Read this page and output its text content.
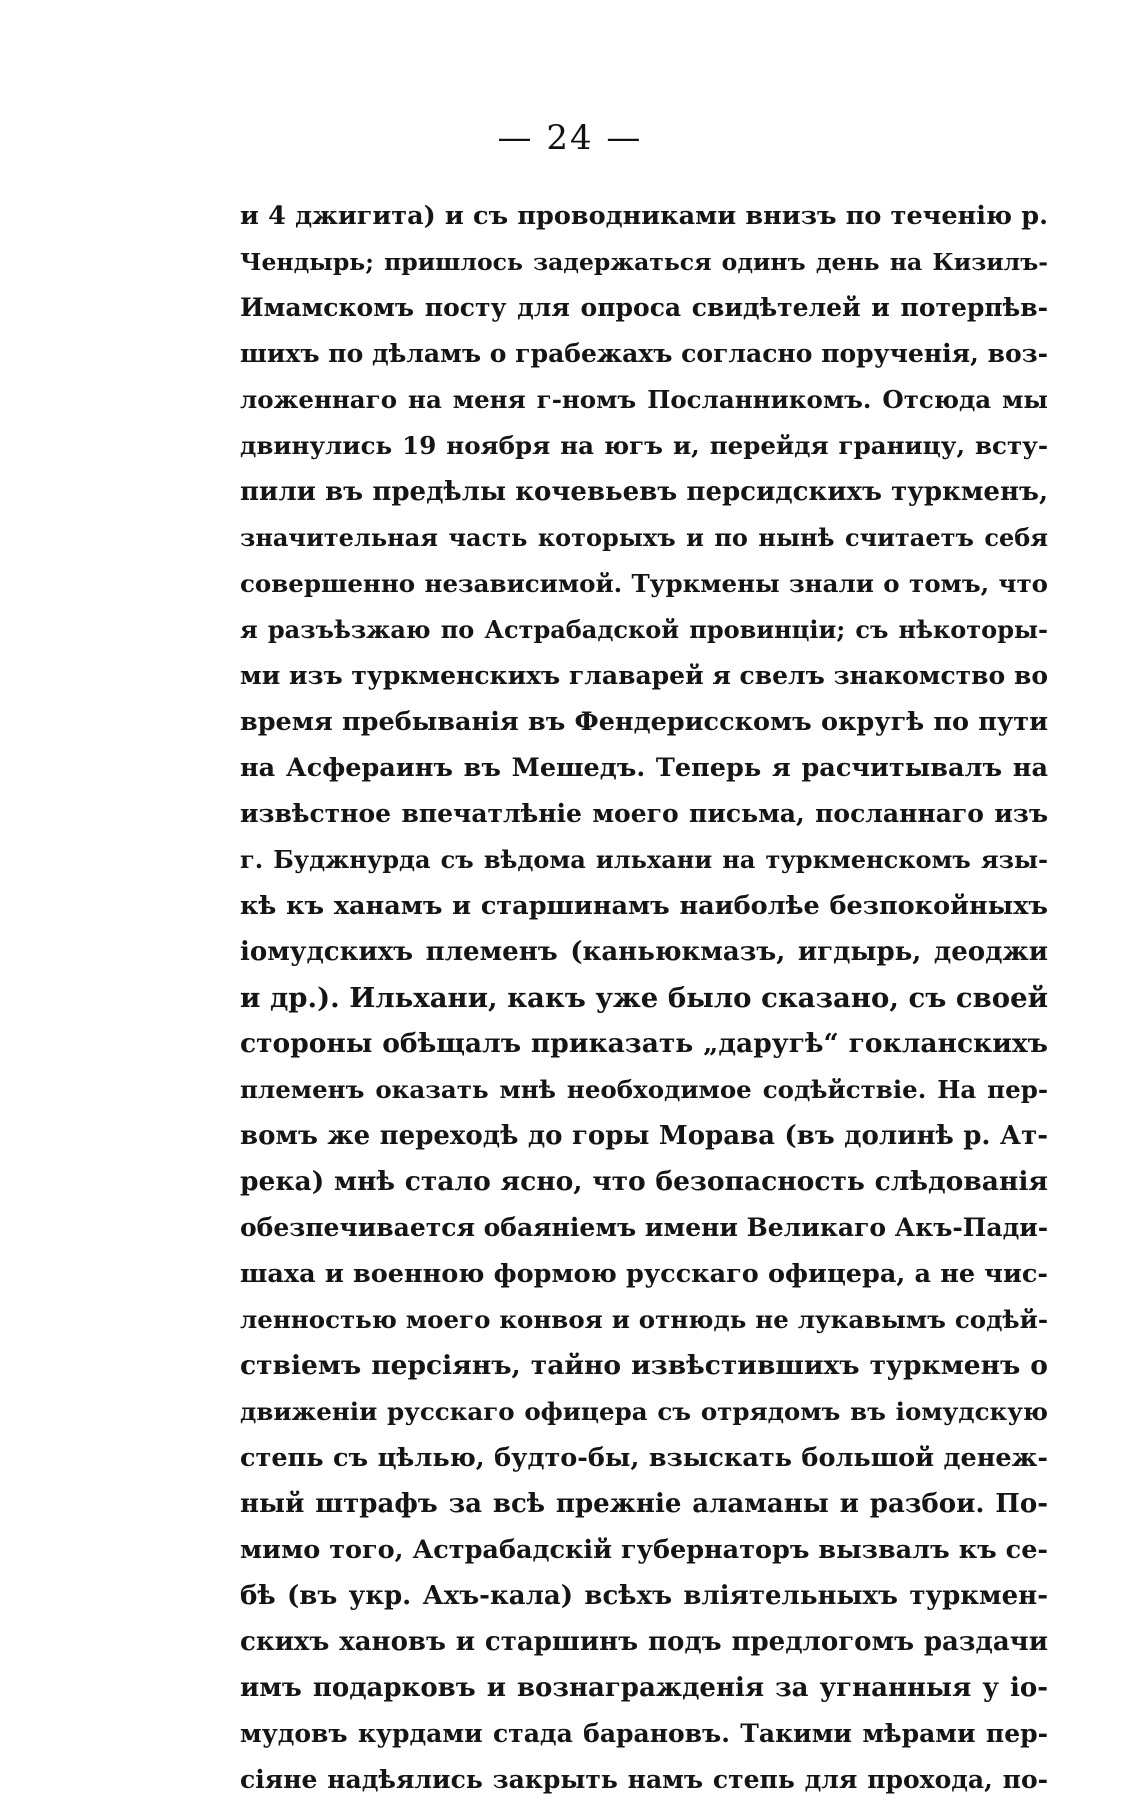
— 24 —
и 4 джигита) и съ проводниками внизъ по теченію р.
Чендырь; пришлось задержаться одинъ день на Кизилъ-
Имамскомъ посту для опроса свидѣтелей и потерпѣв-
шихъ по дѣламъ о грабежахъ согласно порученія, воз-
ложеннаго на меня г-номъ Посланникомъ. Отсюда мы
двинулись 19 ноября на югъ и, перейдя границу, всту-
пили въ предѣлы кочевьевъ персидскихъ туркменъ,
значительная часть которыхъ и по нынѣ считаетъ себя
совершенно независимой. Туркмены знали о томъ, что
я разъѣзжаю по Астрабадской провинціи; съ нѣкоторы-
ми изъ туркменскихъ главарей я свелъ знакомство во
время пребыванія въ Фендерисскомъ округѣ по пути
на Асфераинъ въ Мешедъ. Теперь я расчитывалъ на
извѣстное впечатлѣніе моего письма, посланнаго изъ
г. Буджнурда съ вѣдома ильхани на туркменскомъ язы-
кѣ къ ханамъ и старшинамъ наиболѣе безпокойныхъ
іомудскихъ племенъ (каньюкмазъ, игдырь, деоджи
и др.). Ильхани, какъ уже было сказано, съ своей
стороны обѣщалъ приказать „даругѣ“ гокланскихъ
племенъ оказать мнѣ необходимое содѣйствіе. На пер-
вомъ же переходѣ до горы Морава (въ долинѣ р. Ат-
река) мнѣ стало ясно, что безопасность слѣдованія
обезпечивается обаяніемъ имени Великаго Акъ-Пади-
шаха и военною формою русскаго офицера, а не чис-
ленностью моего конвоя и отнюдь не лукавымъ содѣй-
ствіемъ персіянъ, тайно извѣстившихъ туркменъ о
движеніи русскаго офицера съ отрядомъ въ іомудскую
степь съ цѣлью, будто-бы, взыскать большой денеж-
ный штрафъ за всѣ прежніе аламаны и разбои. По-
мимо того, Астрабадскій губернаторъ вызвалъ къ се-
бѣ (въ укр. Ахъ-кала) всѣхъ вліятельныхъ туркмен-
скихъ хановъ и старшинъ подъ предлогомъ раздачи
имъ подарковъ и вознагражденія за угнанныя у іо-
мудовъ курдами стада барановъ. Такими мѣрами пер-
сіяне надѣялись закрыть намъ степь для прохода, по-
